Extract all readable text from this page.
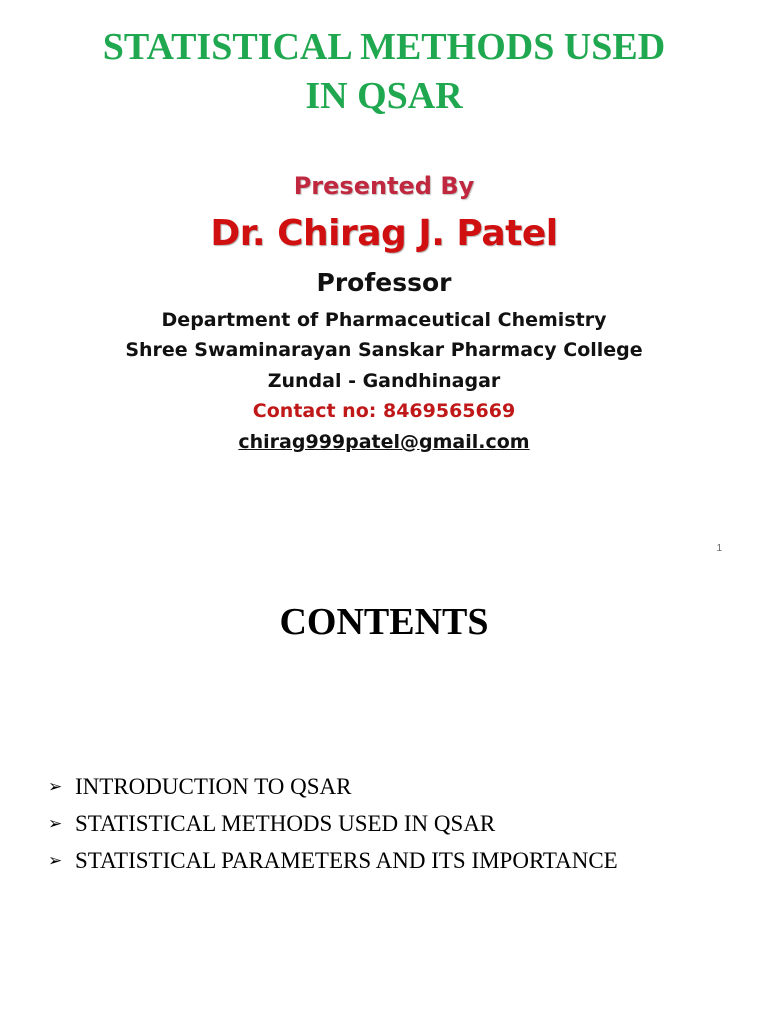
STATISTICAL METHODS USED
IN QSAR
Presented By
Dr. Chirag J. Patel
Professor
Department of Pharmaceutical Chemistry
Shree Swaminarayan Sanskar Pharmacy College
Zundal - Gandhinagar
Contact no: 8469565669
chirag999patel@gmail.com
1
CONTENTS
➢ INTRODUCTION TO QSAR
➢ STATISTICAL METHODS USED IN QSAR
➢ STATISTICAL PARAMETERS AND ITS IMPORTANCE
